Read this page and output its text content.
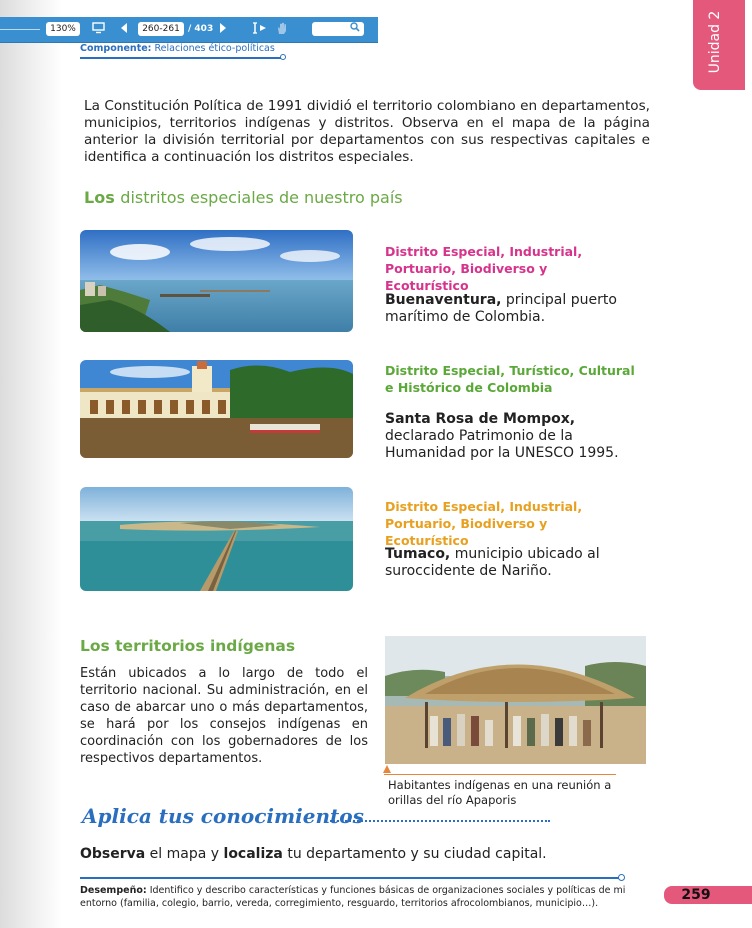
130%	260-261 / 403
Componente: Relaciones ético-políticas	Unidad 2
La Constitución Política de 1991 dividió el territorio colombiano en departamentos, municipios, territorios indígenas y distritos. Observa en el mapa de la página anterior la división territorial por departamentos con sus respectivas capitales e identifica a continuación los distritos especiales.
Los distritos especiales de nuestro país
Distrito Especial, Industrial, Portuario, Biodiverso y Ecoturístico
Buenaventura, principal puerto marítimo de Colombia.
Distrito Especial, Turístico, Cultural e Histórico de Colombia
Santa Rosa de Mompox, declarado Patrimonio de la Humanidad por la UNESCO 1995.
Distrito Especial, Industrial, Portuario, Biodiverso y Ecoturístico
Tumaco, municipio ubicado al suroccidente de Nariño.
Los territorios indígenas
Están ubicados a lo largo de todo el territorio nacional. Su administración, en el caso de abarcar uno o más departamentos, se hará por los consejos indígenas en coordinación con los gobernadores de los respectivos departamentos.
Habitantes indígenas en una reunión a orillas del río Apaporis
Aplica tus conocimientos
Observa el mapa y localiza tu departamento y su ciudad capital.
Desempeño: Identifico y describo características y funciones básicas de organizaciones sociales y políticas de mi entorno (familia, colegio, barrio, vereda, corregimiento, resguardo, territorios afrocolombianos, municipio…).
259
